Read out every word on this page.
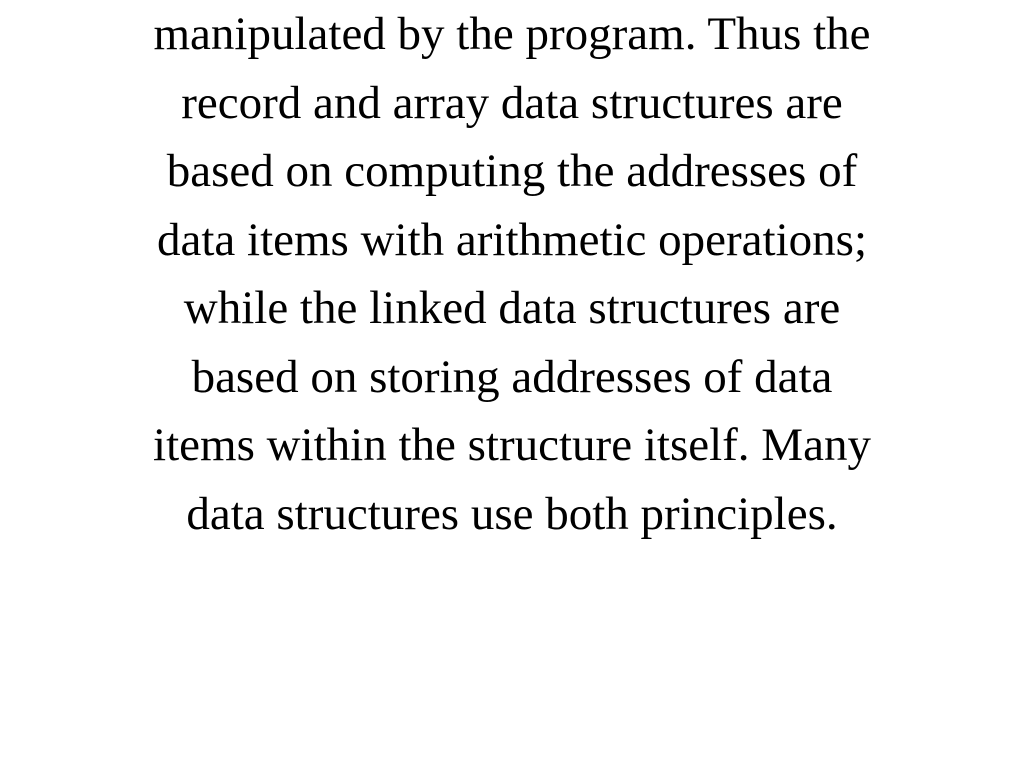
manipulated by the program. Thus the
record and array data structures are
based on computing the addresses of
data items with arithmetic operations;
while the linked data structures are
based on storing addresses of data
items within the structure itself. Many
data structures use both principles.
